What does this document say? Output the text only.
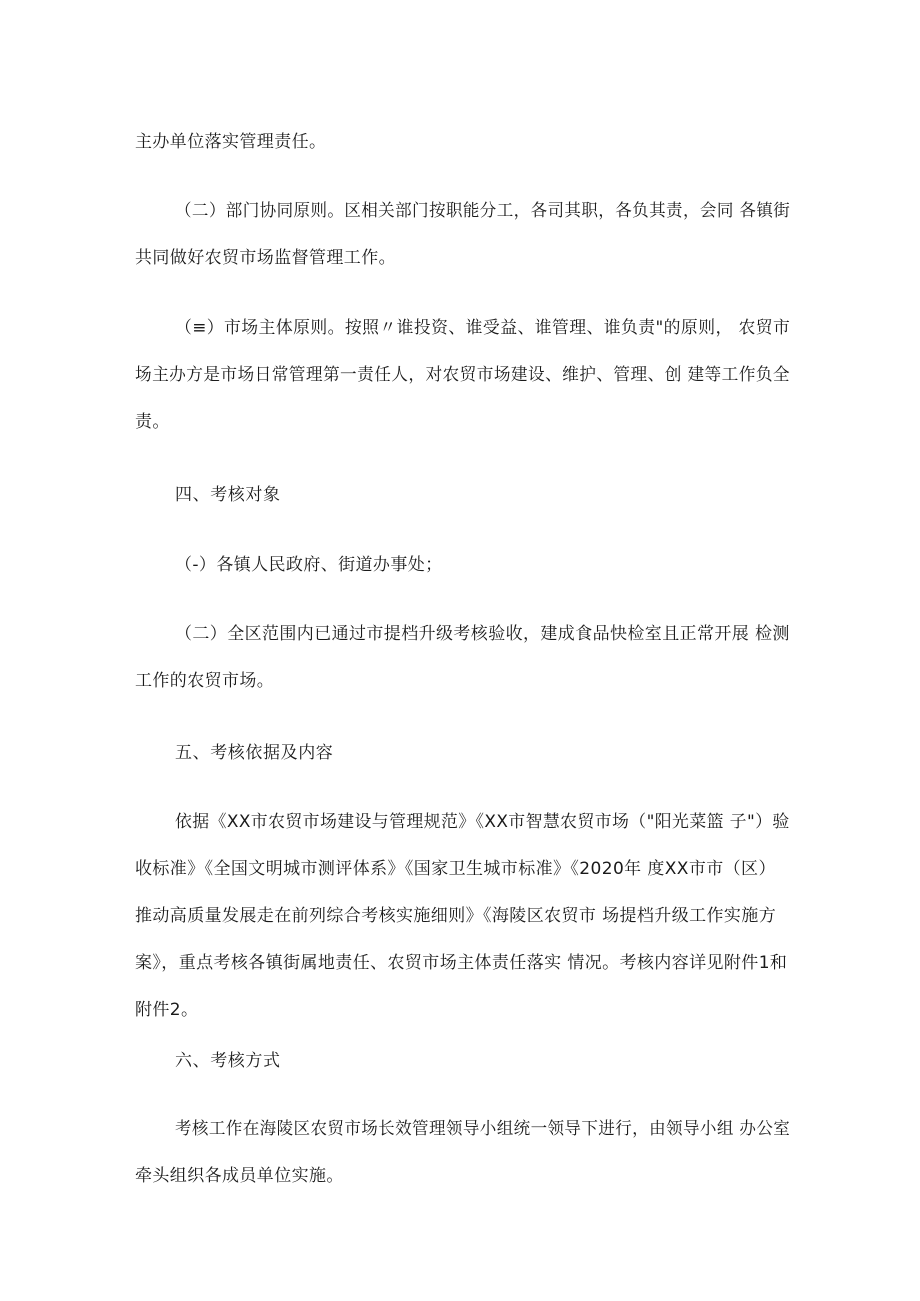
主办单位落实管理责任。

（二）部门协同原则。区相关部门按职能分工，各司其职，各负其责，会同 各镇街

共同做好农贸市场监督管理工作。

（≡）市场主体原则。按照〃谁投资、谁受益、谁管理、谁负责"的原则， 农贸市

场主办方是市场日常管理第一责任人，对农贸市场建设、维护、管理、创 建等工作负全

责。

四、考核对象

（-）各镇人民政府、街道办事处；

（二）全区范围内已通过市提档升级考核验收，建成食品快检室且正常开展 检测

工作的农贸市场。

五、考核依据及内容

依据《XX市农贸市场建设与管理规范》《XX市智慧农贸市场（"阳光菜篮 子"）验

收标准》《全国文明城市测评体系》《国家卫生城市标准》《2020年 度XX市市（区）

推动高质量发展走在前列综合考核实施细则》《海陵区农贸市 场提档升级工作实施方

案》，重点考核各镇街属地责任、农贸市场主体责任落实 情况。考核内容详见附件1和

附件2。

六、考核方式

考核工作在海陵区农贸市场长效管理领导小组统一领导下进行，由领导小组 办公室

牵头组织各成员单位实施。
